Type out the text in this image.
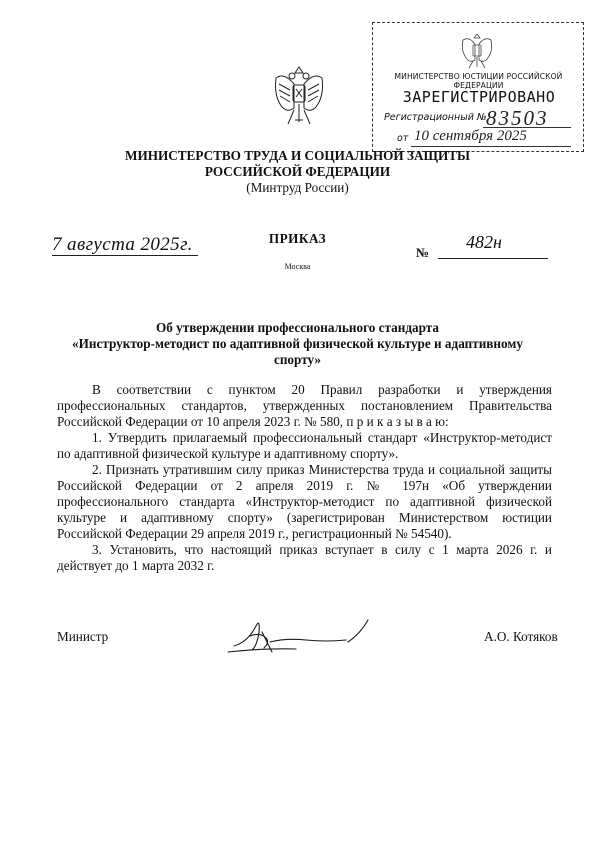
МИНИСТЕРСТВО ЮСТИЦИИ РОССИЙСКОЙ ФЕДЕРАЦИИ
ЗАРЕГИСТРИРОВАНО
Регистрационный № 83503
от 10 сентября 2025
МИНИСТЕРСТВО ТРУДА И СОЦИАЛЬНОЙ ЗАЩИТЫ
РОССИЙСКОЙ ФЕДЕРАЦИИ
(Минтруд России)
ПРИКАЗ
Москва
7 августа 2025г.	№
482н
Об утверждении профессионального стандарта
«Инструктор-методист по адаптивной физической культуре и адаптивному
спорту»

В соответствии с пунктом 20 Правил разработки и утверждения профессиональных стандартов, утвержденных постановлением Правительства Российской Федерации от 10 апреля 2023 г. № 580, п р и к а з ы в а ю:

1. Утвердить прилагаемый профессиональный стандарт «Инструктор-методист по адаптивной физической культуре и адаптивному спорту».

2. Признать утратившим силу приказ Министерства труда и социальной защиты Российской Федерации от 2 апреля 2019 г. № 197н «Об утверждении профессионального стандарта «Инструктор-методист по адаптивной физической культуре и адаптивному спорту» (зарегистрирован Министерством юстиции Российской Федерации 29 апреля 2019 г., регистрационный № 54540).

3. Установить, что настоящий приказ вступает в силу с 1 марта 2026 г. и действует до 1 марта 2032 г.

Министр	А.О. Котяков
